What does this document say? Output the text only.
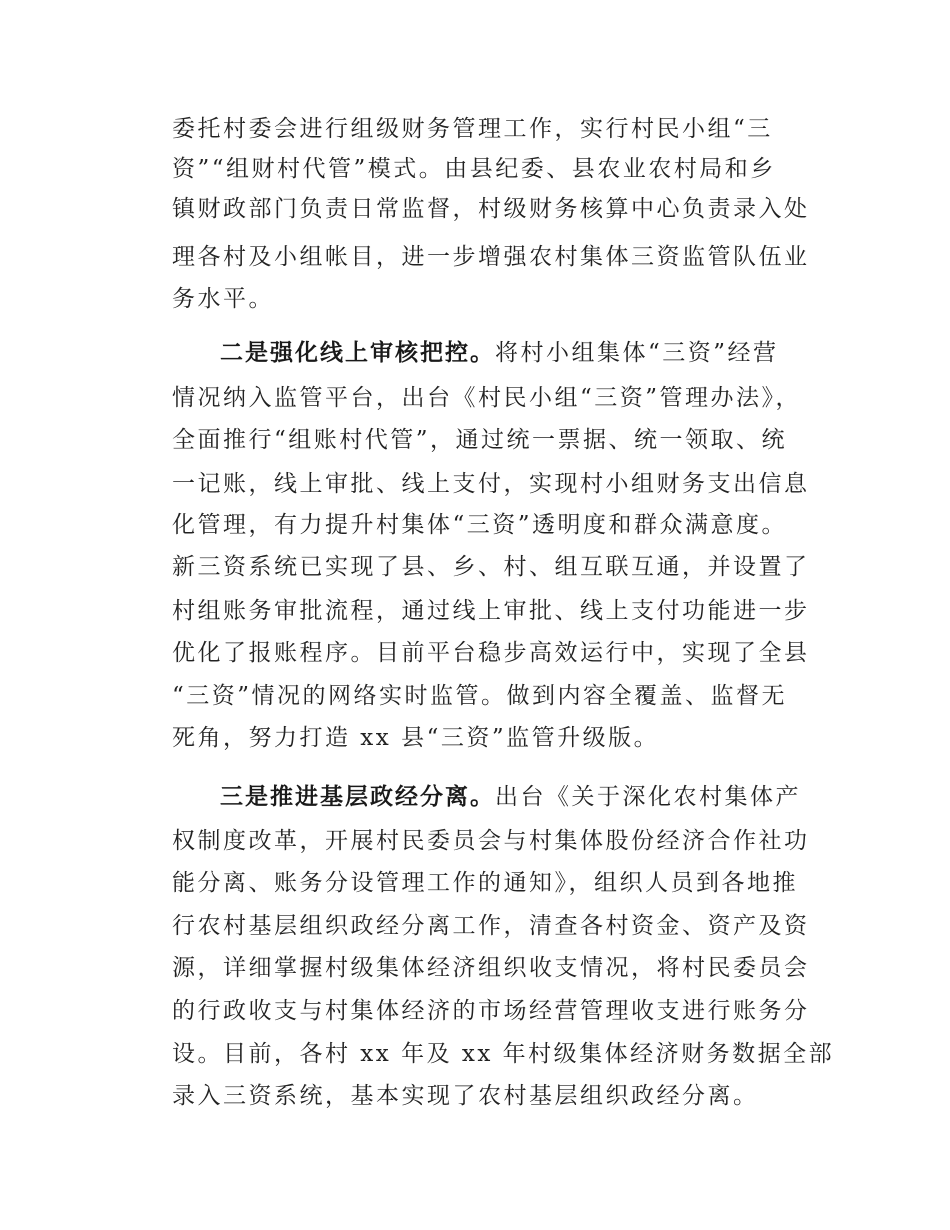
委托村委会进行组级财务管理工作，实行村民小组“三
资”“组财村代管”模式。由县纪委、县农业农村局和乡
镇财政部门负责日常监督，村级财务核算中心负责录入处
理各村及小组帐目，进一步增强农村集体三资监管队伍业
务水平。
二是强化线上审核把控。将村小组集体“三资”经营
情况纳入监管平台，出台《村民小组“三资”管理办法》，
全面推行“组账村代管”，通过统一票据、统一领取、统
一记账，线上审批、线上支付，实现村小组财务支出信息
化管理，有力提升村集体“三资”透明度和群众满意度。
新三资系统已实现了县、乡、村、组互联互通，并设置了
村组账务审批流程，通过线上审批、线上支付功能进一步
优化了报账程序。目前平台稳步高效运行中，实现了全县
“三资”情况的网络实时监管。做到内容全覆盖、监督无
死角，努力打造 xx 县“三资”监管升级版。
三是推进基层政经分离。出台《关于深化农村集体产
权制度改革，开展村民委员会与村集体股份经济合作社功
能分离、账务分设管理工作的通知》，组织人员到各地推
行农村基层组织政经分离工作，清查各村资金、资产及资
源，详细掌握村级集体经济组织收支情况，将村民委员会
的行政收支与村集体经济的市场经营管理收支进行账务分
设。目前，各村 xx 年及 xx 年村级集体经济财务数据全部
录入三资系统，基本实现了农村基层组织政经分离。
